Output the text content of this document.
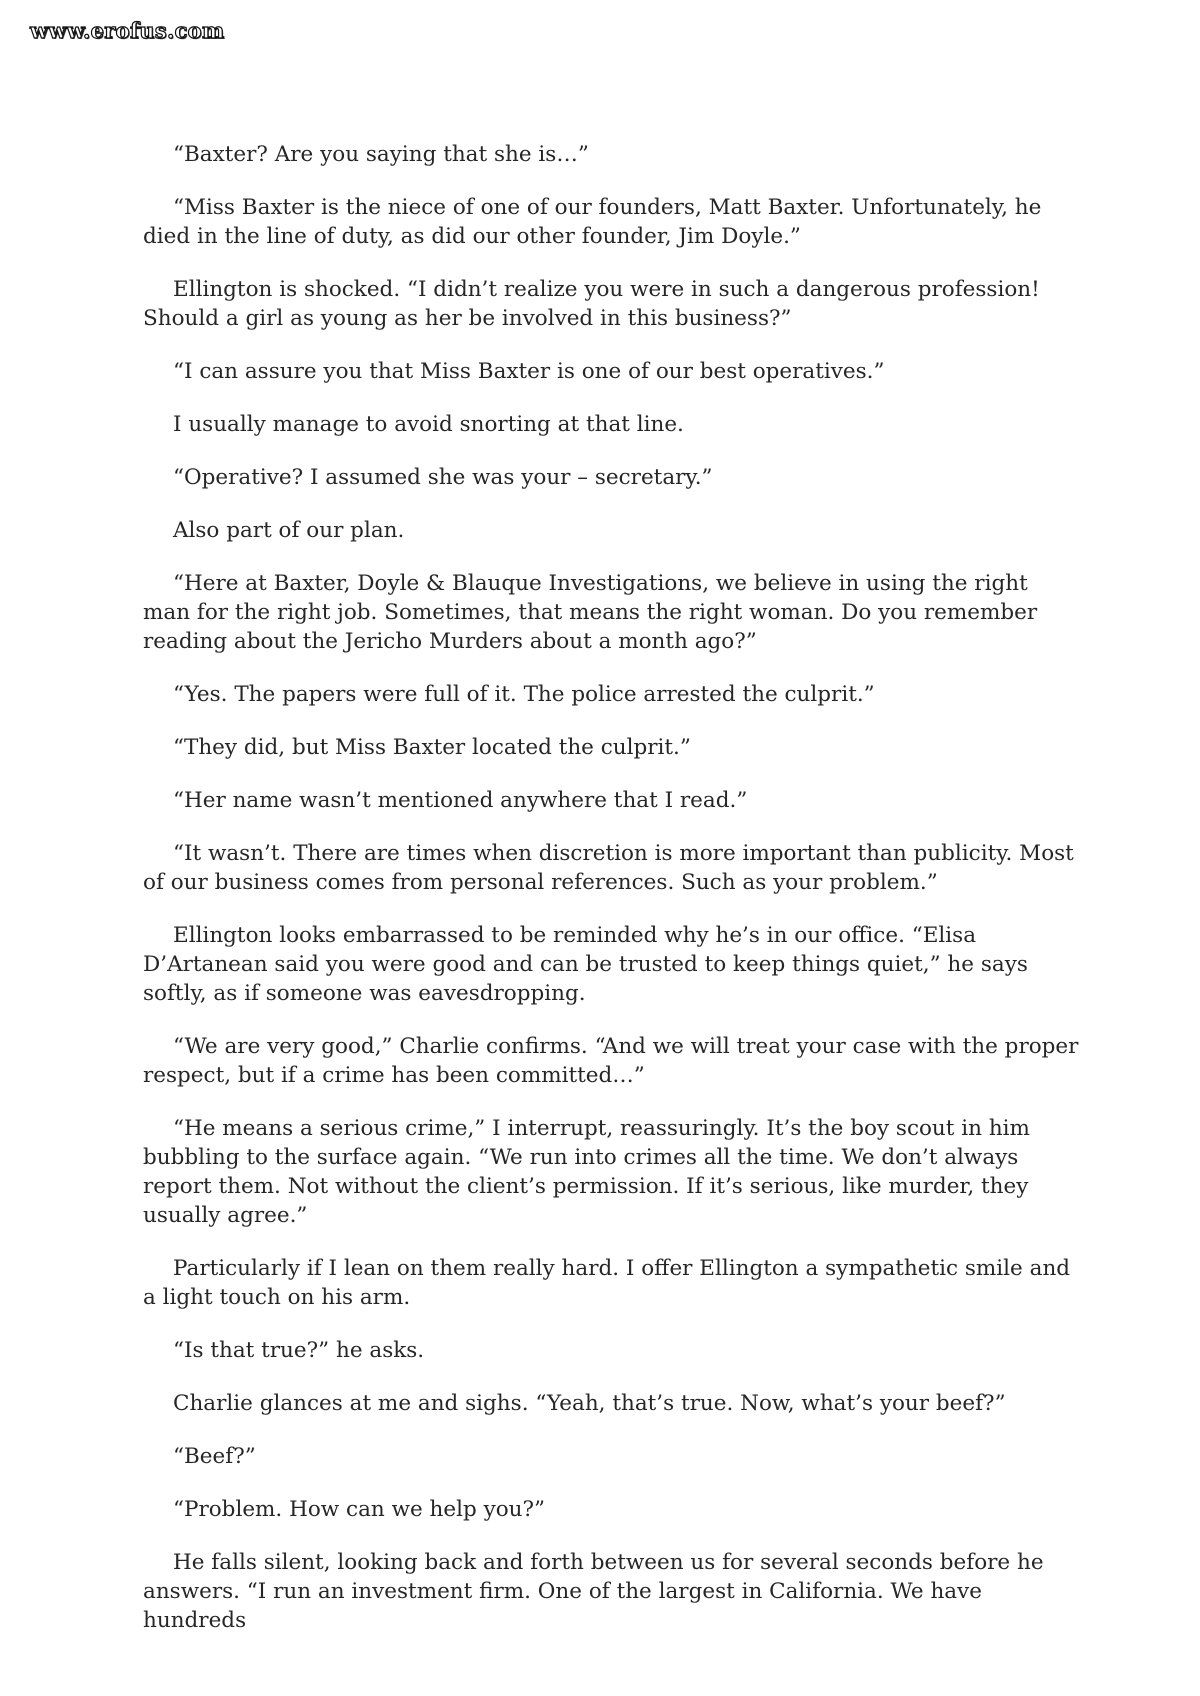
www.erofus.com

“Baxter? Are you saying that she is…”

“Miss Baxter is the niece of one of our founders, Matt Baxter. Unfortunately, he died in the line of duty, as did our other founder, Jim Doyle.”

Ellington is shocked. “I didn’t realize you were in such a dangerous profession! Should a girl as young as her be involved in this business?”

“I can assure you that Miss Baxter is one of our best operatives.”

I usually manage to avoid snorting at that line.

“Operative? I assumed she was your – secretary.”

Also part of our plan.

“Here at Baxter, Doyle & Blauque Investigations, we believe in using the right man for the right job. Sometimes, that means the right woman. Do you remember reading about the Jericho Murders about a month ago?”

“Yes. The papers were full of it. The police arrested the culprit.”

“They did, but Miss Baxter located the culprit.”

“Her name wasn’t mentioned anywhere that I read.”

“It wasn’t. There are times when discretion is more important than publicity. Most of our business comes from personal references. Such as your problem.”

Ellington looks embarrassed to be reminded why he’s in our office. “Elisa D’Artanean said you were good and can be trusted to keep things quiet,” he says softly, as if someone was eavesdropping.

“We are very good,” Charlie confirms. “And we will treat your case with the proper respect, but if a crime has been committed…”

“He means a serious crime,” I interrupt, reassuringly. It’s the boy scout in him bubbling to the surface again. “We run into crimes all the time. We don’t always report them. Not without the client’s permission. If it’s serious, like murder, they usually agree.”

Particularly if I lean on them really hard. I offer Ellington a sympathetic smile and a light touch on his arm.

“Is that true?” he asks.

Charlie glances at me and sighs. “Yeah, that’s true. Now, what’s your beef?”

“Beef?”

“Problem. How can we help you?”

He falls silent, looking back and forth between us for several seconds before he answers. “I run an investment firm. One of the largest in California. We have hundreds
